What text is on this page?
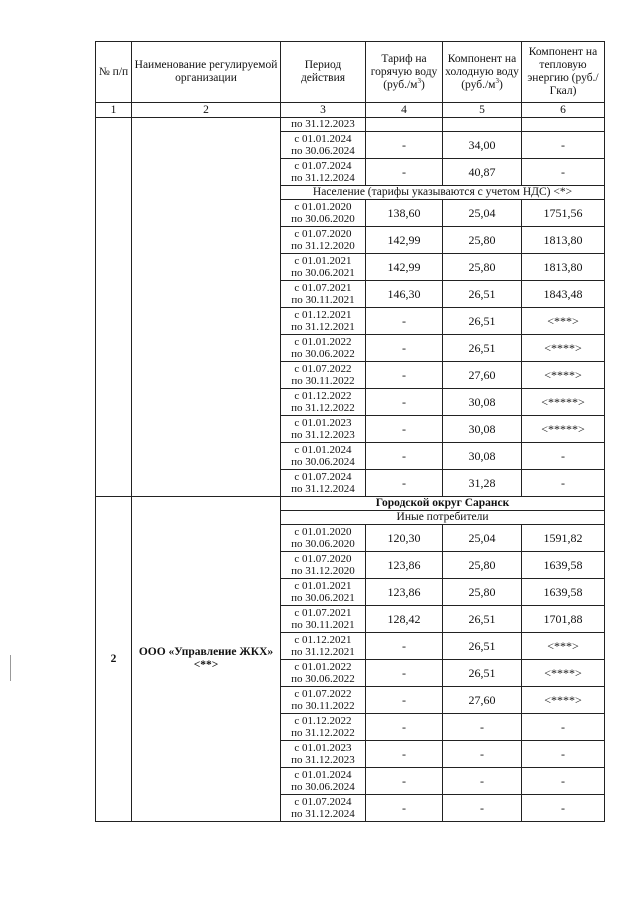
№ п/п	Наименование регулируемой организации	Период действия	Тариф на горячую воду $(руб./м^3)$	Компонент на холодную воду $(руб./м^3)$	Компонент на тепловую энергию (руб./Гкал)
1	2	3	4	5	6
		по 31.12.2023			

		с 01.01.2024
по 30.06.2024	-	34,00	-

		с 01.07.2024
по 31.12.2024	-	40,87	-
		Население (тарифы указываются с учетом НДС) <*>			

		с 01.01.2020
по 30.06.2020	138,60	25,04	1751,56

		с 01.07.2020
по 31.12.2020	142,99	25,80	1813,80

		с 01.01.2021
по 30.06.2021	142,99	25,80	1813,80

		с 01.07.2021
по 30.11.2021	146,30	26,51	1843,48

		с 01.12.2021
по 31.12.2021	-	26,51	<***>

		с 01.01.2022
по 30.06.2022	-	26,51	<****>

		с 01.07.2022
по 30.11.2022	-	27,60	<****>

		с 01.12.2022
по 31.12.2022	-	30,08	<*****>

		с 01.01.2023
по 31.12.2023	-	30,08	<*****>

		с 01.01.2024
по 30.06.2024	-	30,08	-

		с 01.07.2024
по 31.12.2024	-	31,28	-
2	ООО «Управление ЖКХ» <**>	Городской округ Саранск			
		Иные потребители			

		с 01.01.2020
по 30.06.2020	120,30	25,04	1591,82

		с 01.07.2020
по 31.12.2020	123,86	25,80	1639,58

		с 01.01.2021
по 30.06.2021	123,86	25,80	1639,58

		с 01.07.2021
по 30.11.2021	128,42	26,51	1701,88

		с 01.12.2021
по 31.12.2021	-	26,51	<***>

		с 01.01.2022
по 30.06.2022	-	26,51	<****>

		с 01.07.2022
по 30.11.2022	-	27,60	<****>

		с 01.12.2022
по 31.12.2022	-	-	-

		с 01.01.2023
по 31.12.2023	-	-	-

		с 01.01.2024
по 30.06.2024	-	-	-

		с 01.07.2024
по 31.12.2024	-	-	-
